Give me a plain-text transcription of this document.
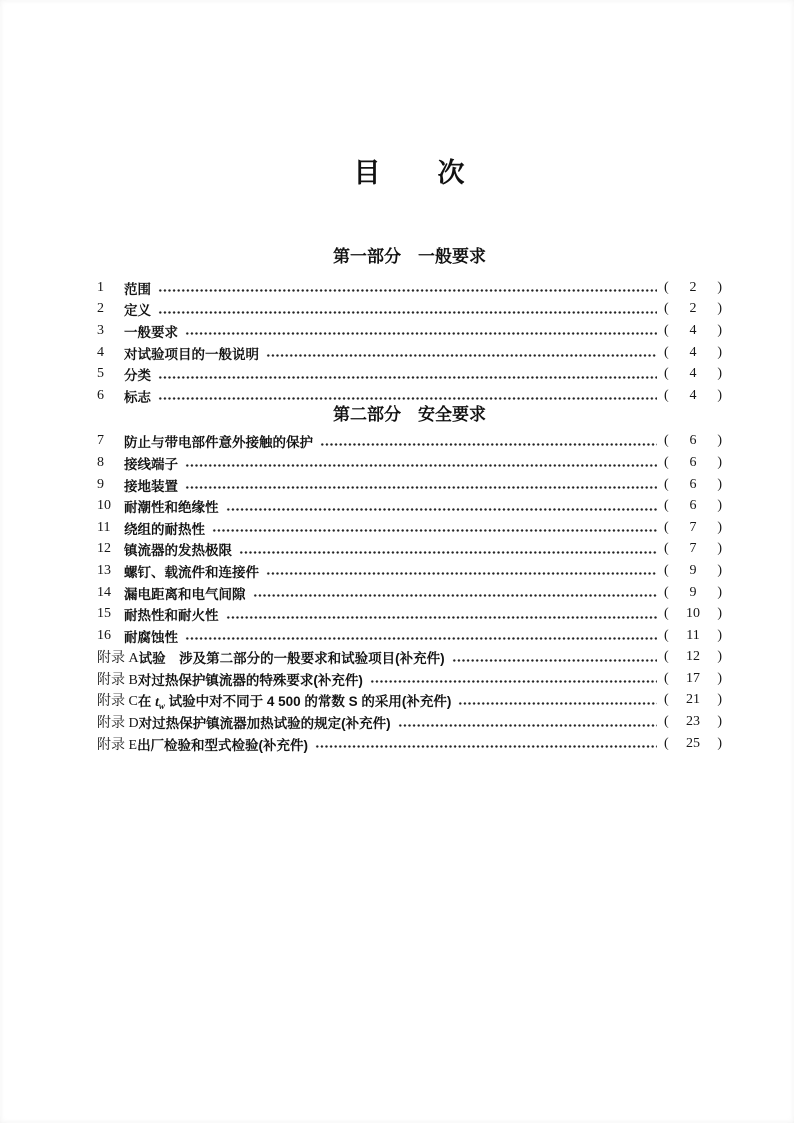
目　　次
第一部分　一般要求
1	范围	( 2 )
2	定义	( 2 )
3	一般要求	( 4 )
4	对试验项目的一般说明	( 4 )
5	分类	( 4 )
6	标志	( 4 )
第二部分　安全要求
7	防止与带电部件意外接触的保护	( 6 )
8	接线端子	( 6 )
9	接地装置	( 6 )
10 耐潮性和绝缘性	( 6 )
11	绕组的耐热性	( 7 )
12 镇流器的发热极限	( 7 )
13 螺钉、载流件和连接件	( 9 )
14 漏电距离和电气间隙	( 9 )
15 耐热性和耐火性	( 10 )
16 耐腐蚀性	( 11 )
附录 A 试验　涉及第二部分的一般要求和试验项目(补充件)	( 12 )
附录 B 对过热保护镇流器的特殊要求(补充件)	( 17 )
附录 C 在 $t_w$ 试验中对不同于 4 500 的常数 S 的采用(补充件)	( 21 )
附录 D 对过热保护镇流器加热试验的规定(补充件)	( 23 )
附录 E 出厂检验和型式检验(补充件)	( 25 )
